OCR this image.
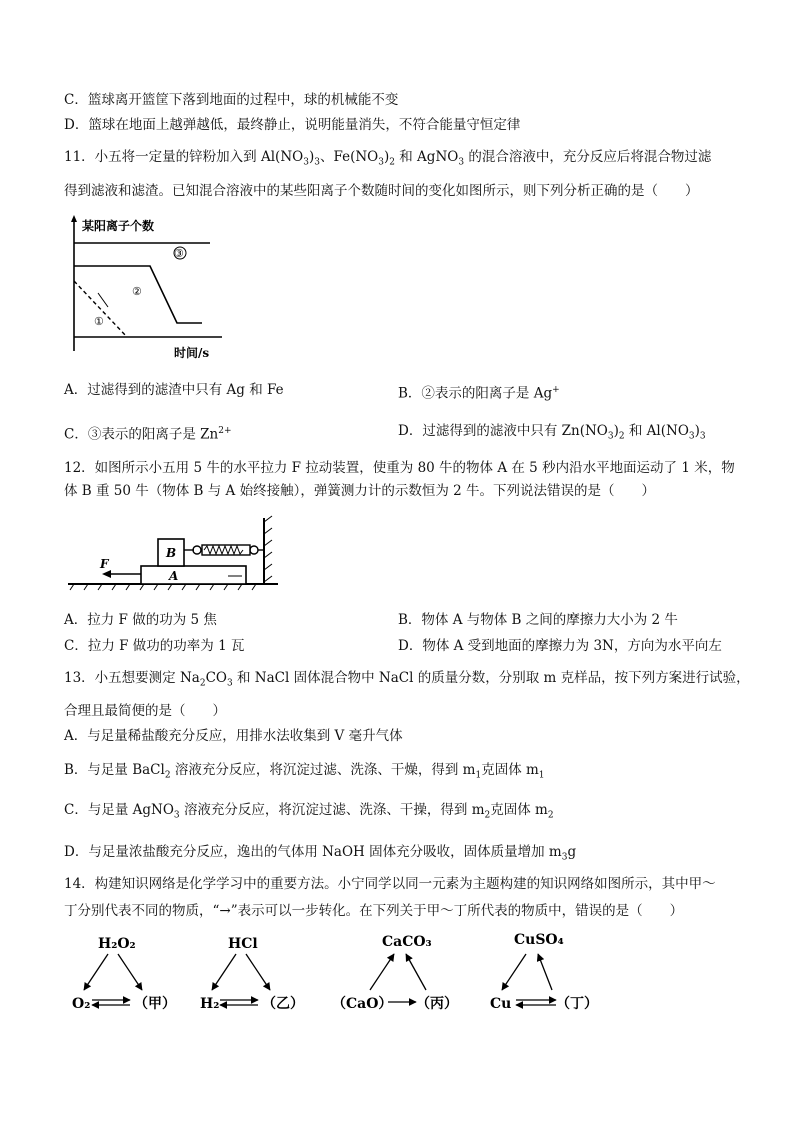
C．篮球离开篮筐下落到地面的过程中，球的机械能不变
D．篮球在地面上越弹越低，最终静止，说明能量消失，不符合能量守恒定律
11．小五将一定量的锌粉加入到 $Al(NO_3)_3$、$Fe(NO_3)_2$ 和 AgNO$_3$ 的混合溶液中，充分反应后将混合物过滤
得到滤液和滤渣。已知混合溶液中的某些阳离子个数随时间的变化如图所示，则下列分析正确的是（　　）
某阳离子个数
时间/s
③
②
①
A．过滤得到的滤渣中只有 Ag 和 Fe	B．②表示的阳离子是 Ag+
C．③表示的阳离子是 $Zn^{2+}$	D．过滤得到的滤液中只有 $Zn(NO_3)_2$ 和 $Al(NO_3)_3$
12．如图所示小五用 5 牛的水平拉力 F 拉动装置，使重为 80 牛的物体 A 在 5 秒内沿水平地面运动了 1 米，物
体 B 重 50 牛（物体 B 与 A 始终接触），弹簧测力计的示数恒为 2 牛。下列说法错误的是（　　）
A
B
F
A．拉力 F 做的功为 5 焦	B．物体 A 与物体 B 之间的摩擦力大小为 2 牛
C．拉力 F 做功的功率为 1 瓦	D．物体 A 受到地面的摩擦力为 3N，方向为水平向左
13．小五想要测定 $Na_2CO_3$ 和 NaCl 固体混合物中 NaCl 的质量分数，分别取 m 克样品，按下列方案进行试验，
合理且最简便的是（　　）
A．与足量稀盐酸充分反应，用排水法收集到 V 毫升气体
B．与足量 BaCl$_2$ 溶液充分反应，将沉淀过滤、洗涤、干燥，得到 $m_1$克固体 $m_1$
C．与足量 AgNO$_3$ 溶液充分反应，将沉淀过滤、洗涤、干操，得到 $m_2$克固体 $m_2$
D．与足量浓盐酸充分反应，逸出的气体用 NaOH 固体充分吸收，固体质量增加 $m_3g$
14．构建知识网络是化学学习中的重要方法。小宁同学以同一元素为主题构建的知识网络如图所示，其中甲～
丁分别代表不同的物质，“→”表示可以一步转化。在下列关于甲～丁所代表的物质中，错误的是（　　）
H₂O₂
O₂	（甲）
HCl
H₂	（乙）
CaCO₃
（CaO） （丙）
CuSO₄
Cu	（丁）
